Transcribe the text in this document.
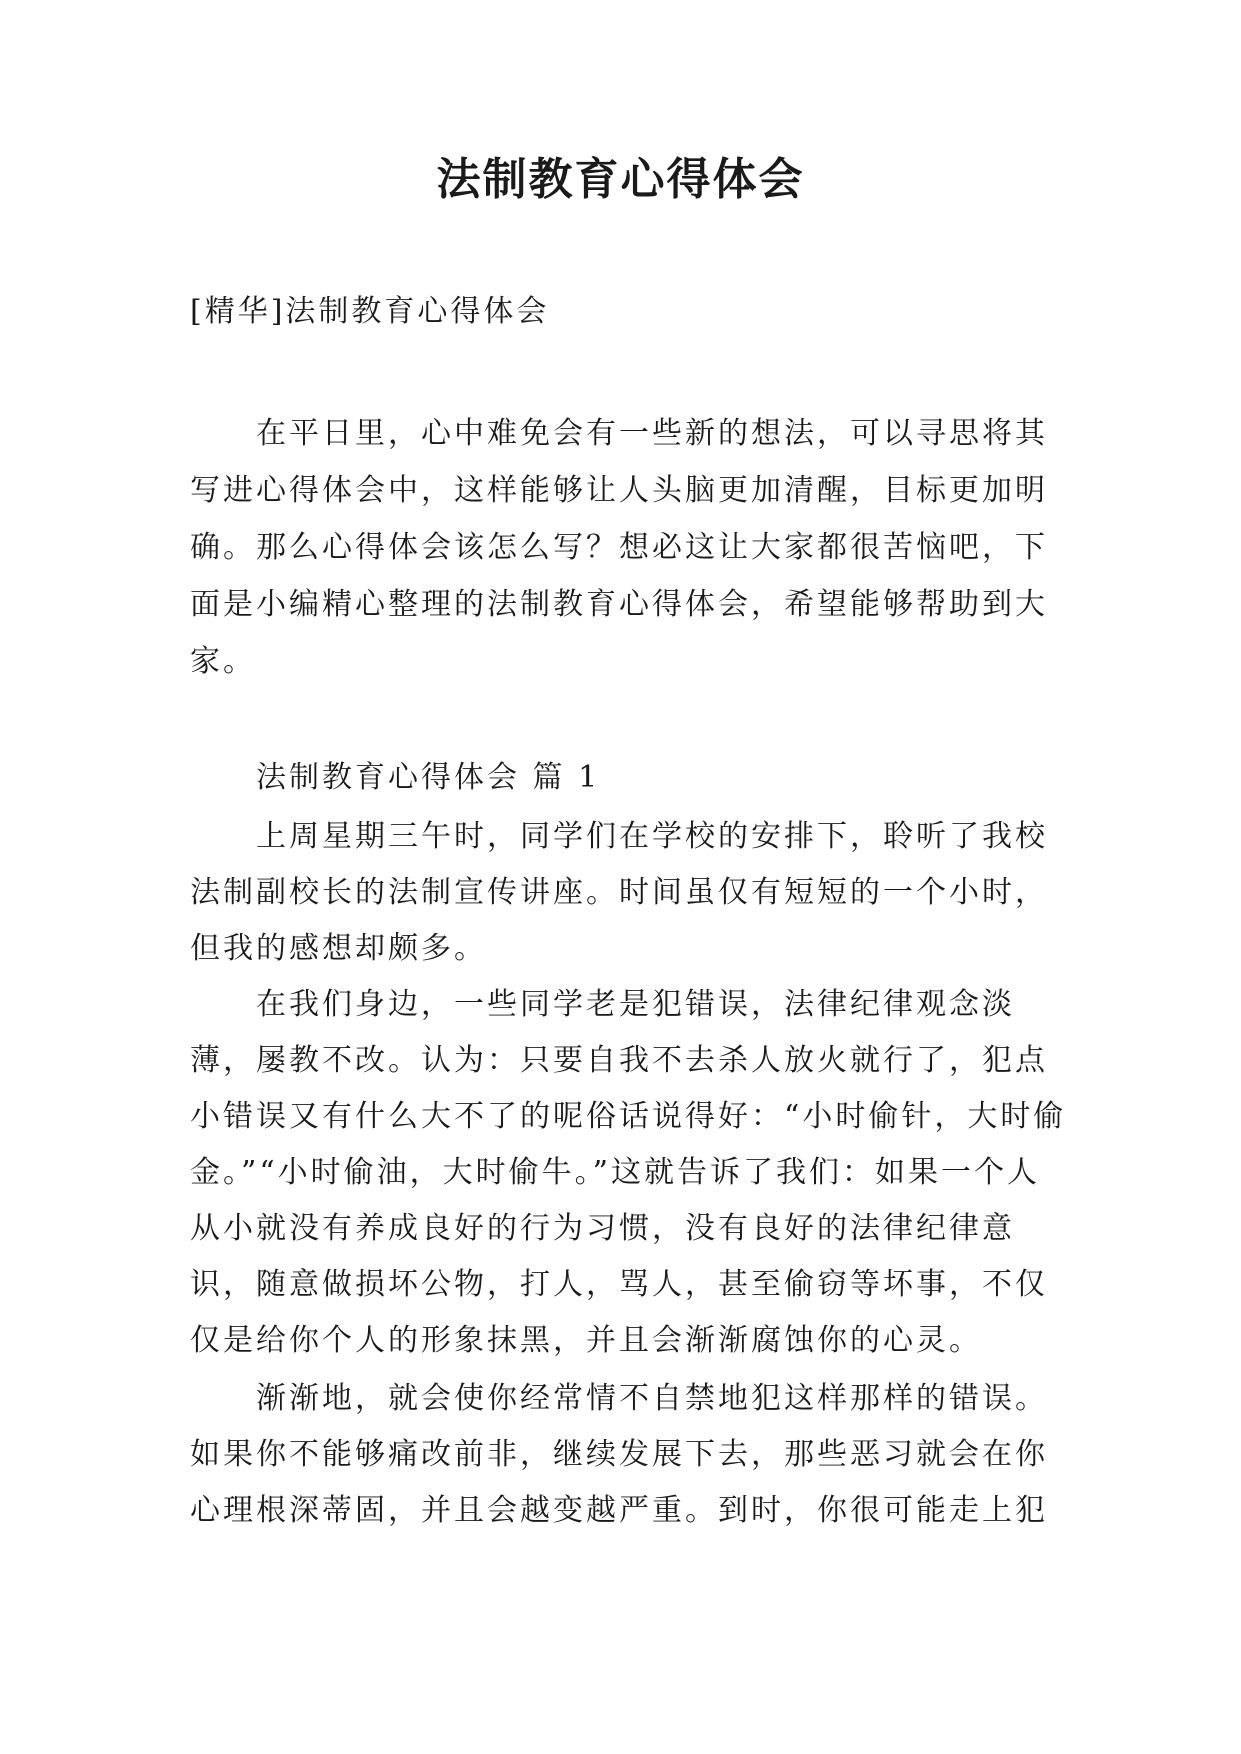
法制教育心得体会

[精华]法制教育心得体会

在平日里，心中难免会有一些新的想法，可以寻思将其写进心得体会中，这样能够让人头脑更加清醒，目标更加明确。那么心得体会该怎么写？想必这让大家都很苦恼吧，下面是小编精心整理的法制教育心得体会，希望能够帮助到大家。

法制教育心得体会 篇 1

上周星期三午时，同学们在学校的安排下，聆听了我校法制副校长的法制宣传讲座。时间虽仅有短短的一个小时，但我的感想却颇多。

在我们身边，一些同学老是犯错误，法律纪律观念淡薄，屡教不改。认为：只要自我不去杀人放火就行了，犯点小错误又有什么大不了的呢俗话说得好：“小时偷针，大时偷金。”“小时偷油，大时偷牛。”这就告诉了我们：如果一个人从小就没有养成良好的行为习惯，没有良好的法律纪律意识，随意做损坏公物，打人，骂人，甚至偷窃等坏事，不仅仅是给你个人的形象抹黑，并且会渐渐腐蚀你的心灵。

渐渐地，就会使你经常情不自禁地犯这样那样的错误。如果你不能够痛改前非，继续发展下去，那些恶习就会在你心理根深蒂固，并且会越变越严重。到时，你很可能走上犯
